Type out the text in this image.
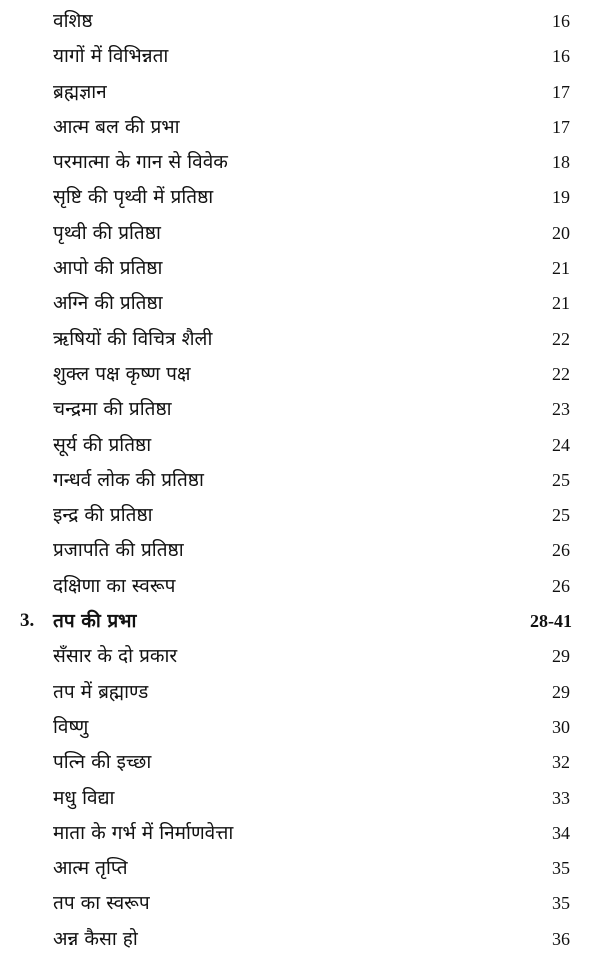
वशिष्ठ	16
यागों में विभिन्नता	16
ब्रह्मज्ञान	17
आत्म बल की प्रभा	17
परमात्मा के गान से विवेक	18
सृष्टि की पृथ्वी में प्रतिष्ठा	19
पृथ्वी की प्रतिष्ठा	20
आपो की प्रतिष्ठा	21
अग्नि की प्रतिष्ठा	21
ऋषियों की विचित्र शैली	22
शुक्ल पक्ष कृष्ण पक्ष	22
चन्द्रमा की प्रतिष्ठा	23
सूर्य की प्रतिष्ठा	24
गन्धर्व लोक की प्रतिष्ठा	25
इन्द्र की प्रतिष्ठा	25
प्रजापति की प्रतिष्ठा	26
दक्षिणा का स्वरूप	26
3. तप की प्रभा	28-41
सँसार के दो प्रकार	29
तप में ब्रह्माण्ड	29
विष्णु	30
पत्नि की इच्छा	32
मधु विद्या	33
माता के गर्भ में निर्माणवेत्ता	34
आत्म तृप्ति	35
तप का स्वरूप	35
अन्न कैसा हो	36
